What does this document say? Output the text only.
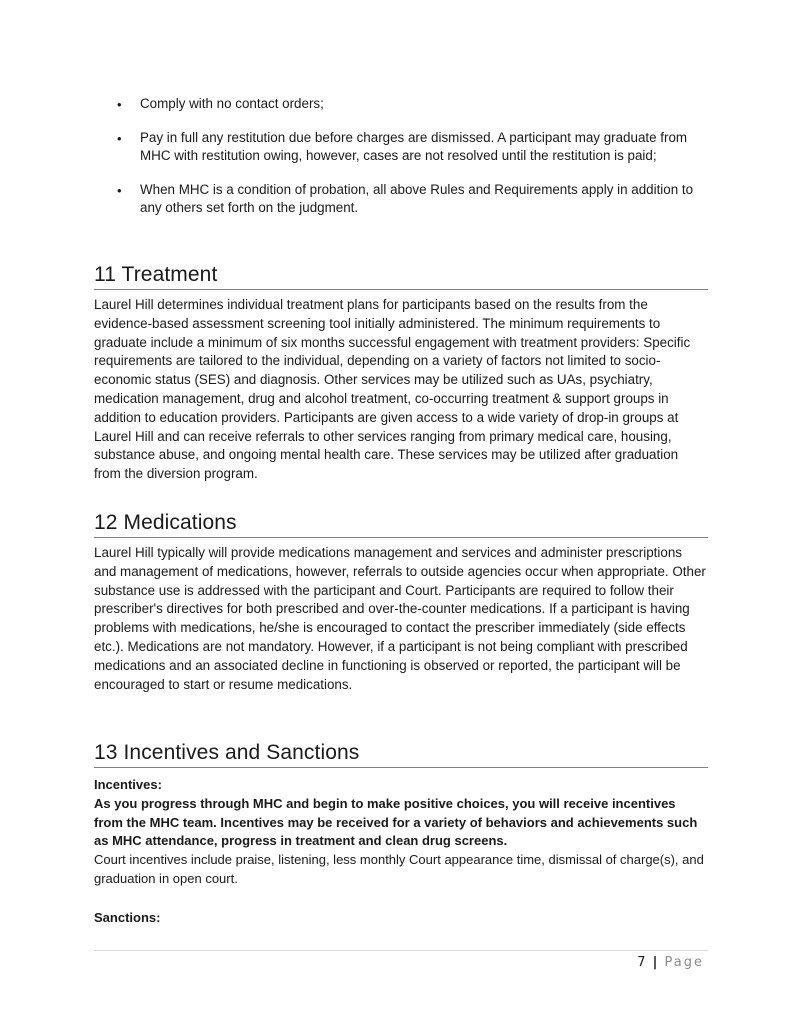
• Comply with no contact orders;
• Pay in full any restitution due before charges are dismissed. A participant may graduate from MHC with restitution owing, however, cases are not resolved until the restitution is paid;
• When MHC is a condition of probation, all above Rules and Requirements apply in addition to any others set forth on the judgment.
11 Treatment

Laurel Hill determines individual treatment plans for participants based on the results from the evidence-based assessment screening tool initially administered. The minimum requirements to graduate include a minimum of six months successful engagement with treatment providers: Specific requirements are tailored to the individual, depending on a variety of factors not limited to socio-economic status (SES) and diagnosis. Other services may be utilized such as UAs, psychiatry, medication management, drug and alcohol treatment, co-occurring treatment & support groups in addition to education providers. Participants are given access to a wide variety of drop-in groups at Laurel Hill and can receive referrals to other services ranging from primary medical care, housing, substance abuse, and ongoing mental health care. These services may be utilized after graduation from the diversion program.

12 Medications

Laurel Hill typically will provide medications management and services and administer prescriptions and management of medications, however, referrals to outside agencies occur when appropriate. Other substance use is addressed with the participant and Court. Participants are required to follow their prescriber's directives for both prescribed and over-the-counter medications. If a participant is having problems with medications, he/she is encouraged to contact the prescriber immediately (side effects etc.). Medications are not mandatory. However, if a participant is not being compliant with prescribed medications and an associated decline in functioning is observed or reported, the participant will be encouraged to start or resume medications.

13 Incentives and Sanctions
Incentives:
As you progress through MHC and begin to make positive choices, you will receive incentives from the MHC team. Incentives may be received for a variety of behaviors and achievements such as MHC attendance, progress in treatment and clean drug screens.
Court incentives include praise, listening, less monthly Court appearance time, dismissal of charge(s), and graduation in open court.
Sanctions:
7 | Page
